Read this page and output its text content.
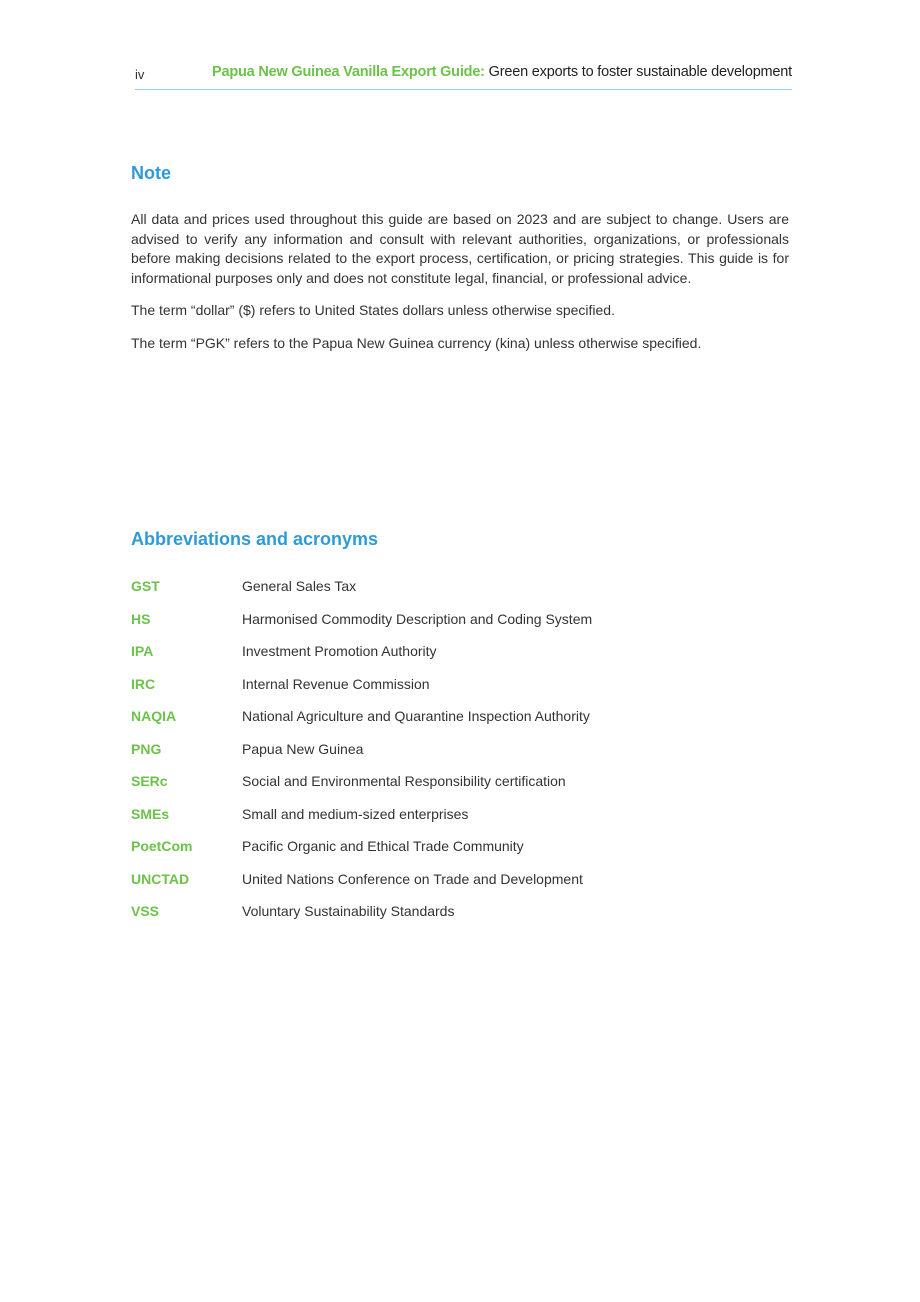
iv	Papua New Guinea Vanilla Export Guide: Green exports to foster sustainable development
Note

All data and prices used throughout this guide are based on 2023 and are subject to change. Users are advised to verify any information and consult with relevant authorities, organizations, or professionals before making decisions related to the export process, certification, or pricing strategies. This guide is for informational purposes only and does not constitute legal, financial, or professional advice.

The term “dollar” ($) refers to United States dollars unless otherwise specified.

The term “PGK” refers to the Papua New Guinea currency (kina) unless otherwise specified.

Abbreviations and acronyms
GST	General Sales Tax
HS	Harmonised Commodity Description and Coding System
IPA	Investment Promotion Authority
IRC	Internal Revenue Commission
NAQIA	National Agriculture and Quarantine Inspection Authority
PNG	Papua New Guinea
SERc	Social and Environmental Responsibility certification
SMEs	Small and medium-sized enterprises
PoetCom	Pacific Organic and Ethical Trade Community
UNCTAD	United Nations Conference on Trade and Development
VSS	Voluntary Sustainability Standards
